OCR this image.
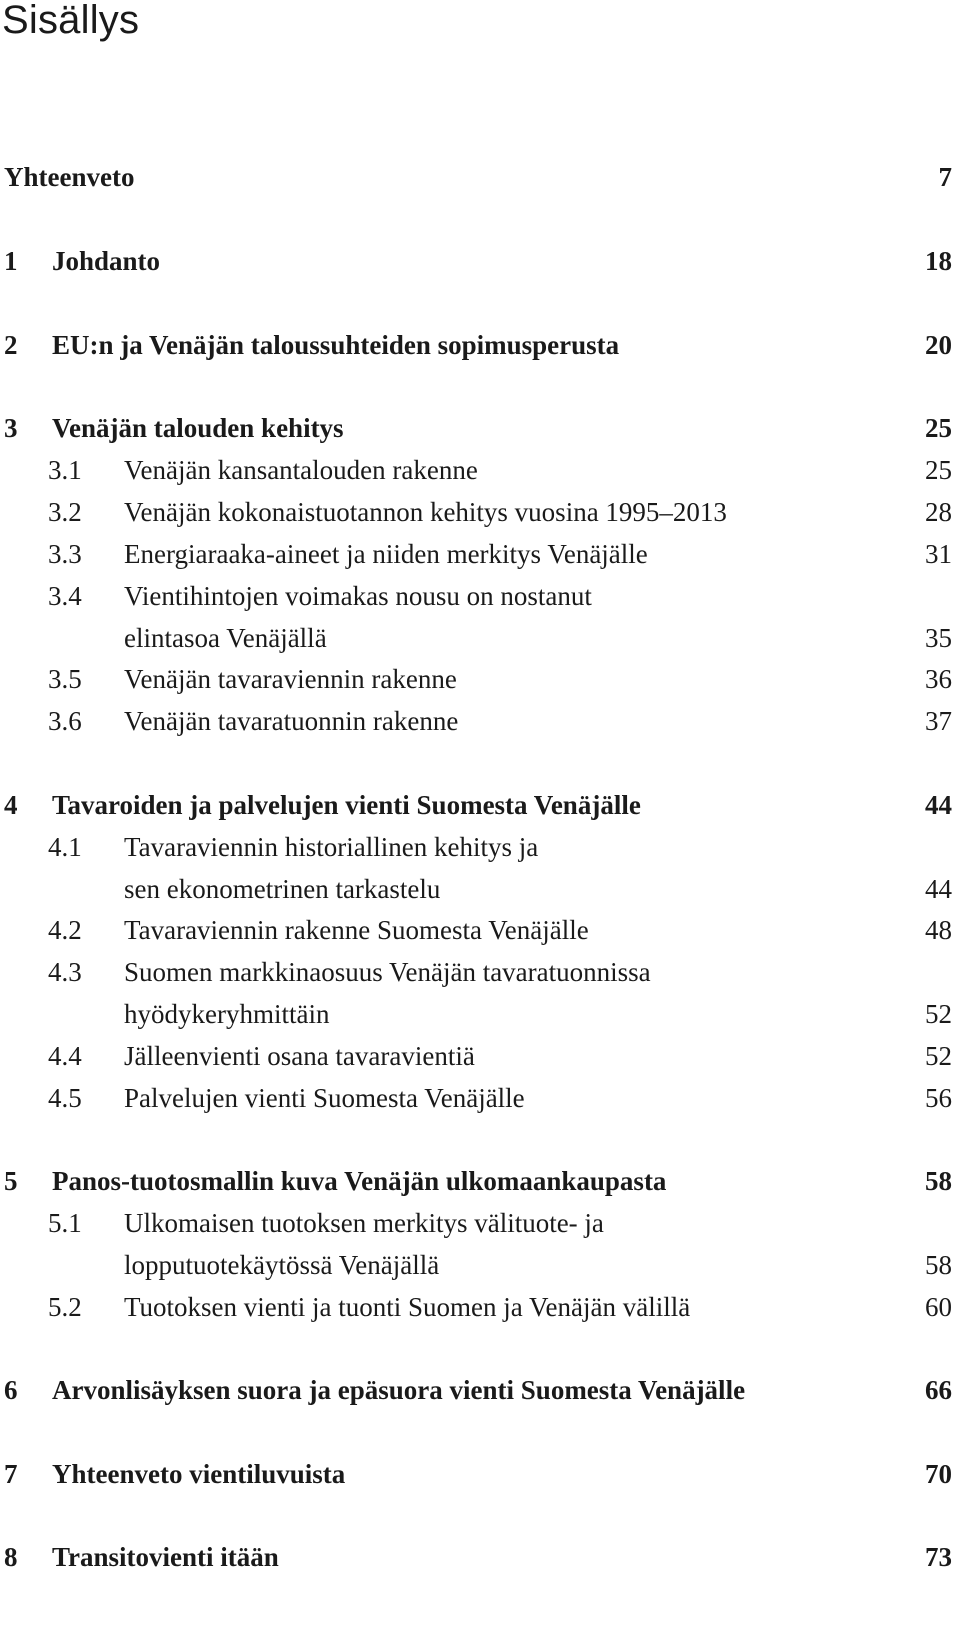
Sisällys
Yhteenveto	7
1 Johdanto	18
2 EU:n ja Venäjän taloussuhteiden sopimusperusta	20
3 Venäjän talouden kehitys	25
3.1 Venäjän kansantalouden rakenne	25
3.2 Venäjän kokonaistuotannon kehitys vuosina 1995–2013	28
3.3 Energiaraaka-aineet ja niiden merkitys Venäjälle	31
3.4 Vientihintojen voimakas nousu on nostanut
elintasoa Venäjällä	35
3.5 Venäjän tavaraviennin rakenne	36
3.6 Venäjän tavaratuonnin rakenne	37
4 Tavaroiden ja palvelujen vienti Suomesta Venäjälle	44
4.1 Tavaraviennin historiallinen kehitys ja
sen ekonometrinen tarkastelu	44
4.2 Tavaraviennin rakenne Suomesta Venäjälle	48
4.3 Suomen markkinaosuus Venäjän tavaratuonnissa
hyödykeryhmittäin	52
4.4 Jälleenvienti osana tavaravientiä	52
4.5 Palvelujen vienti Suomesta Venäjälle	56
5 Panos-tuotosmallin kuva Venäjän ulkomaankaupasta	58
5.1 Ulkomaisen tuotoksen merkitys välituote- ja
lopputuotekäytössä Venäjällä	58
5.2 Tuotoksen vienti ja tuonti Suomen ja Venäjän välillä	60
6 Arvonlisäyksen suora ja epäsuora vienti Suomesta Venäjälle	66
7 Yhteenveto vientiluvuista	70
8 Transitovienti itään	73
